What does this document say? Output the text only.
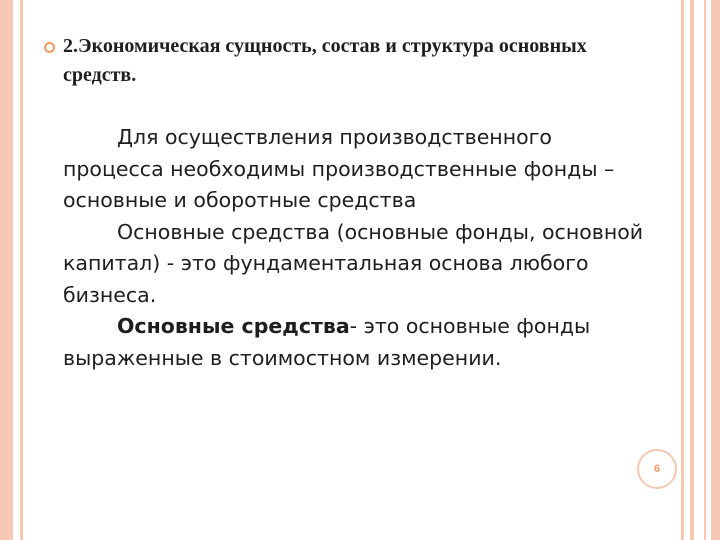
2.Экономическая сущность, состав и структура основных средств.

Для осуществления производственного процесса необходимы производственные фонды – основные и оборотные средства

Основные средства (основные фонды, основной капитал) - это фундаментальная основа любого бизнеса.

Основные средства- это основные фонды выраженные в стоимостном измерении.

6
